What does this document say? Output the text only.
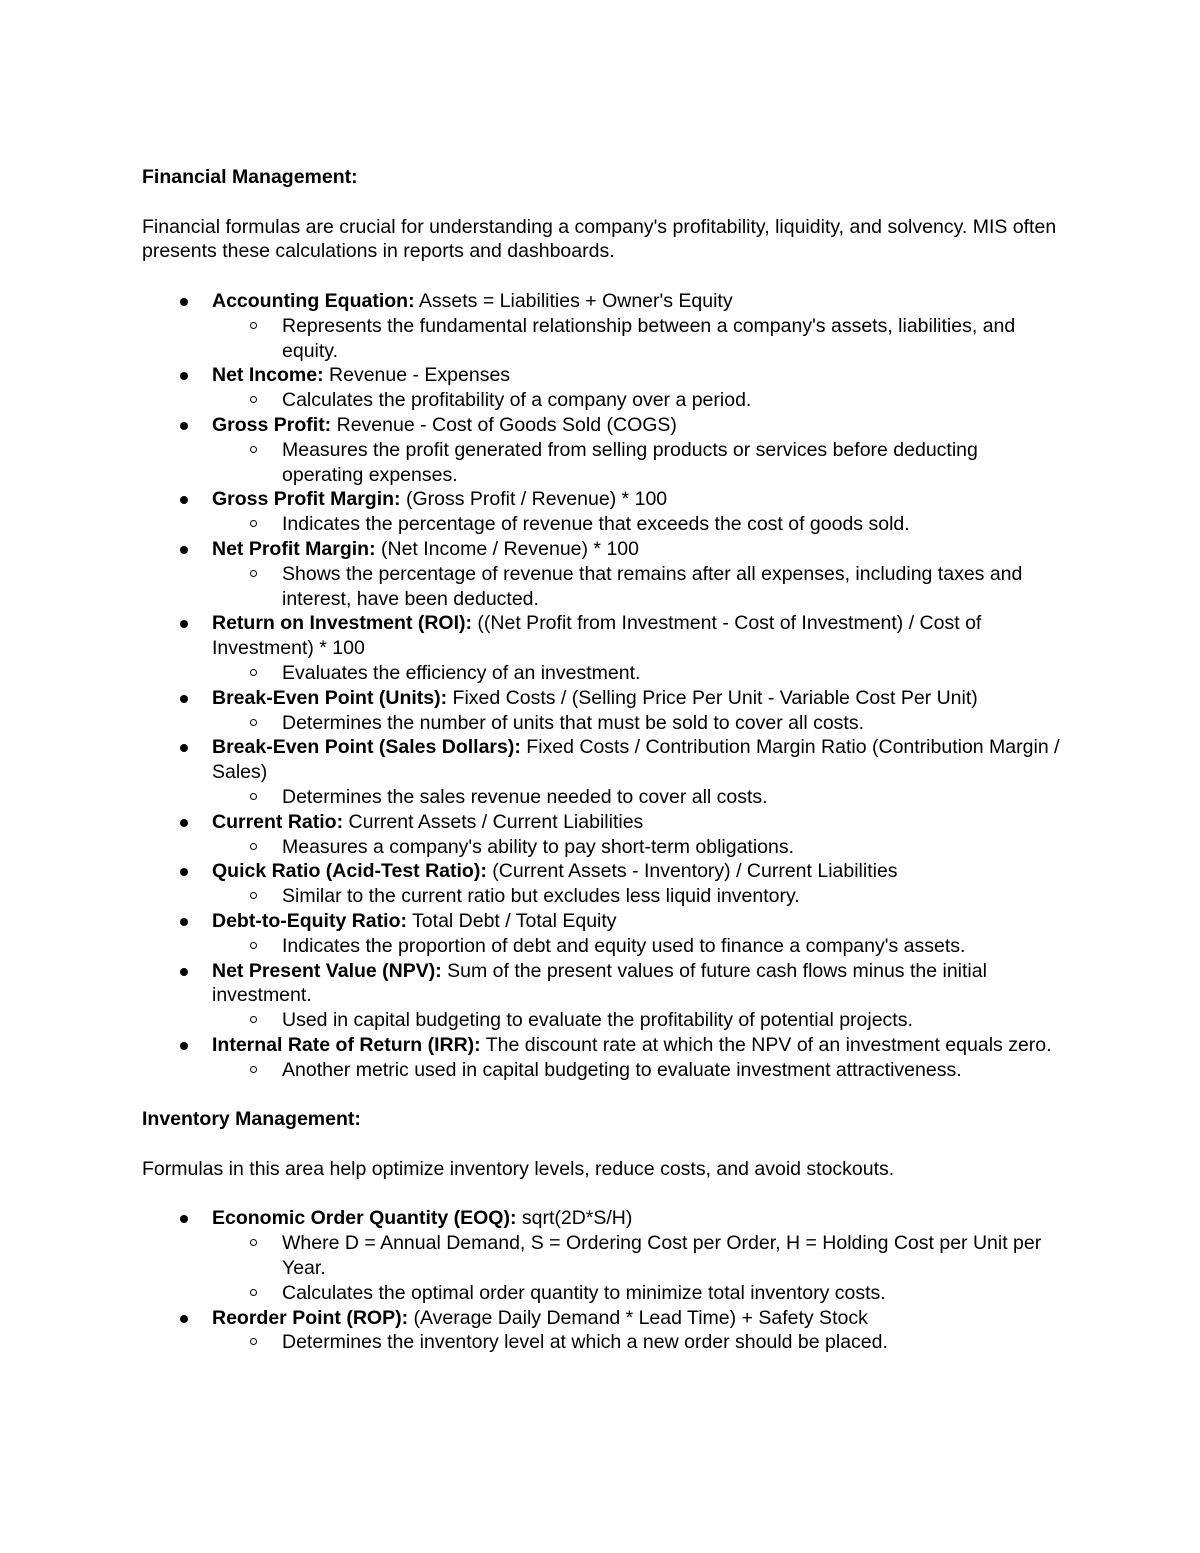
Financial Management:

Financial formulas are crucial for understanding a company's profitability, liquidity, and solvency. MIS often presents these calculations in reports and dashboards.

Accounting Equation: Assets = Liabilities + Owner's Equity
Represents the fundamental relationship between a company's assets, liabilities, and equity.
Net Income: Revenue - Expenses
Calculates the profitability of a company over a period.
Gross Profit: Revenue - Cost of Goods Sold (COGS)
Measures the profit generated from selling products or services before deducting operating expenses.
Gross Profit Margin: (Gross Profit / Revenue) * 100
Indicates the percentage of revenue that exceeds the cost of goods sold.
Net Profit Margin: (Net Income / Revenue) * 100
Shows the percentage of revenue that remains after all expenses, including taxes and interest, have been deducted.
Return on Investment (ROI): ((Net Profit from Investment - Cost of Investment) / Cost of Investment) * 100
Evaluates the efficiency of an investment.
Break-Even Point (Units): Fixed Costs / (Selling Price Per Unit - Variable Cost Per Unit)
Determines the number of units that must be sold to cover all costs.
Break-Even Point (Sales Dollars): Fixed Costs / Contribution Margin Ratio (Contribution Margin / Sales)
Determines the sales revenue needed to cover all costs.
Current Ratio: Current Assets / Current Liabilities
Measures a company's ability to pay short-term obligations.
Quick Ratio (Acid-Test Ratio): (Current Assets - Inventory) / Current Liabilities
Similar to the current ratio but excludes less liquid inventory.
Debt-to-Equity Ratio: Total Debt / Total Equity
Indicates the proportion of debt and equity used to finance a company's assets.
Net Present Value (NPV): Sum of the present values of future cash flows minus the initial investment.
Used in capital budgeting to evaluate the profitability of potential projects.
Internal Rate of Return (IRR): The discount rate at which the NPV of an investment equals zero.
Another metric used in capital budgeting to evaluate investment attractiveness.

Inventory Management:

Formulas in this area help optimize inventory levels, reduce costs, and avoid stockouts.

Economic Order Quantity (EOQ): sqrt(2D*S/H)
Where D = Annual Demand, S = Ordering Cost per Order, H = Holding Cost per Unit per Year.
Calculates the optimal order quantity to minimize total inventory costs.
Reorder Point (ROP): (Average Daily Demand * Lead Time) + Safety Stock
Determines the inventory level at which a new order should be placed.
